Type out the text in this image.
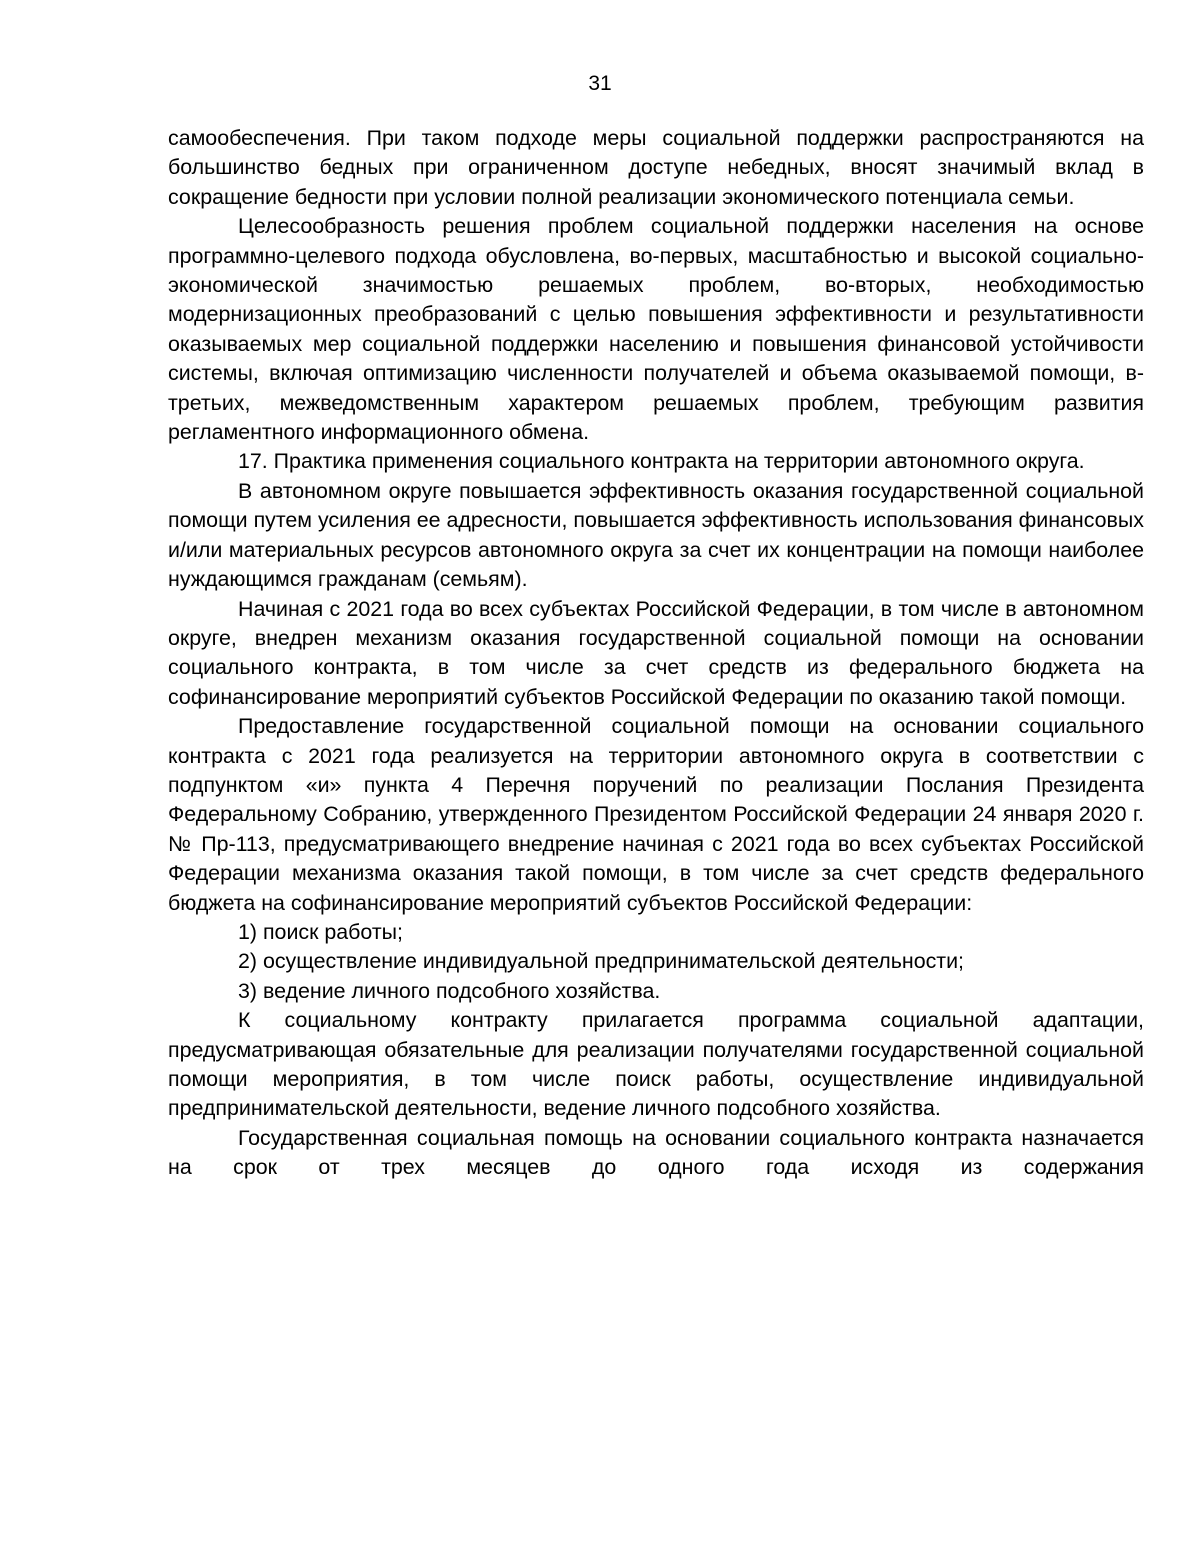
31

самообеспечения. При таком подходе меры социальной поддержки распространяются на большинство бедных при ограниченном доступе небедных, вносят значимый вклад в сокращение бедности при условии полной реализации экономического потенциала семьи.

Целесообразность решения проблем социальной поддержки населения на основе программно-целевого подхода обусловлена, во-первых, масштабностью и высокой социально-экономической значимостью решаемых проблем, во-вторых, необходимостью модернизационных преобразований с целью повышения эффективности и результативности оказываемых мер социальной поддержки населению и повышения финансовой устойчивости системы, включая оптимизацию численности получателей и объема оказываемой помощи, в-третьих, межведомственным характером решаемых проблем, требующим развития регламентного информационного обмена.

17. Практика применения социального контракта на территории автономного округа.

В автономном округе повышается эффективность оказания государственной социальной помощи путем усиления ее адресности, повышается эффективность использования финансовых и/или материальных ресурсов автономного округа за счет их концентрации на помощи наиболее нуждающимся гражданам (семьям).

Начиная с 2021 года во всех субъектах Российской Федерации, в том числе в автономном округе, внедрен механизм оказания государственной социальной помощи на основании социального контракта, в том числе за счет средств из федерального бюджета на софинансирование мероприятий субъектов Российской Федерации по оказанию такой помощи.

Предоставление государственной социальной помощи на основании социального контракта с 2021 года реализуется на территории автономного округа в соответствии с подпунктом «и» пункта 4 Перечня поручений по реализации Послания Президента Федеральному Собранию, утвержденного Президентом Российской Федерации 24 января 2020 г. № Пр-113, предусматривающего внедрение начиная с 2021 года во всех субъектах Российской Федерации механизма оказания такой помощи, в том числе за счет средств федерального бюджета на софинансирование мероприятий субъектов Российской Федерации:

1) поиск работы;

2) осуществление индивидуальной предпринимательской деятельности;

3) ведение личного подсобного хозяйства.

К социальному контракту прилагается программа социальной адаптации, предусматривающая обязательные для реализации получателями государственной социальной помощи мероприятия, в том числе поиск работы, осуществление индивидуальной предпринимательской деятельности, ведение личного подсобного хозяйства.

Государственная социальная помощь на основании социального контракта назначается на срок от трех месяцев до одного года исходя из содержания
